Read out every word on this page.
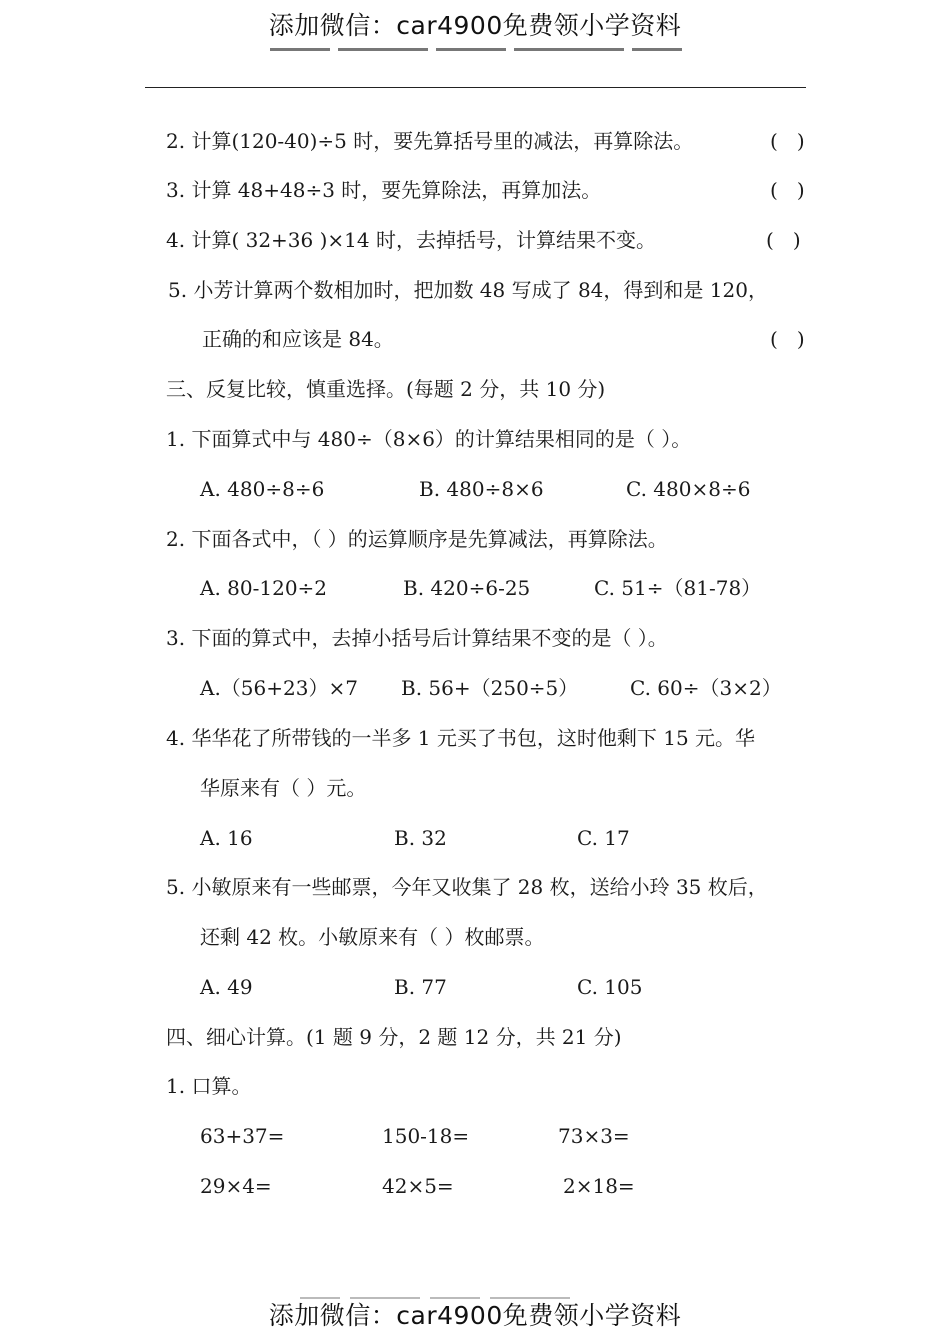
添加微信：car4900免费领小学资料
2. 计算(120-40)÷5 时，要先算括号里的减法，再算除法。	(   )
3. 计算 48+48÷3 时，要先算除法，再算加法。	(   )
4. 计算( 32+36 )×14 时，去掉括号，计算结果不变。	(   )
5. 小芳计算两个数相加时，把加数 48 写成了 84，得到和是 120，
正确的和应该是 84。	(   )
三、反复比较，慎重选择。(每题 2 分，共 10 分)
1. 下面算式中与 480÷（8×6）的计算结果相同的是（ ）。
A. 480÷8÷6	B. 480÷8×6	C. 480×8÷6
2. 下面各式中，（ ）的运算顺序是先算减法，再算除法。
A. 80-120÷2	B. 420÷6-25	C. 51÷（81-78）
3. 下面的算式中，去掉小括号后计算结果不变的是（ ）。
A.（56+23）×7 B. 56+（250÷5）	C. 60÷（3×2）
4. 华华花了所带钱的一半多 1 元买了书包，这时他剩下 15 元。华
华原来有（ ）元。
A. 16	B. 32	C. 17
5. 小敏原来有一些邮票，今年又收集了 28 枚，送给小玲 35 枚后，
还剩 42 枚。小敏原来有（ ）枚邮票。
A. 49	B. 77	C. 105
四、细心计算。(1 题 9 分，2 题 12 分，共 21 分)
1. 口算。
63+37=	150-18=	73×3=
29×4=	42×5=	2×18=
添加微信：car4900免费领小学资料
